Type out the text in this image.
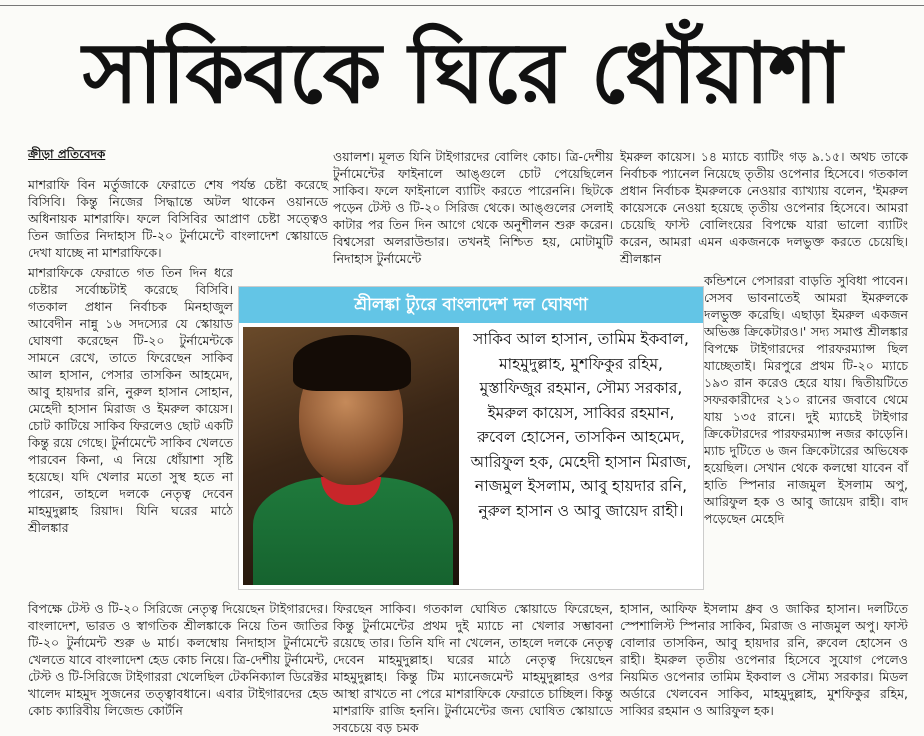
সাকিবকে ঘিরে ধোঁয়াশা
ক্রীড়া প্রতিবেদক

মাশরাফি বিন মর্তুজাকে ফেরাতে শেষ পর্যন্ত চেষ্টা করেছে বিসিবি। কিন্তু নিজের সিদ্ধান্তে অটল থাকেন ওয়ানডে অধিনায়ক মাশরাফি। ফলে বিসিবির আপ্রাণ চেষ্টা সত্ত্বেও তিন জাতির নিদাহাস টি-২০ টুর্নামেন্টে বাংলাদেশ স্কোয়াডে দেখা যাচ্ছে না মাশরাফিকে।

মাশরাফিকে ফেরাতে গত তিন দিন ধরে চেষ্টার সর্বোচ্চটাই করেছে বিসিবি। গতকাল প্রধান নির্বাচক মিনহাজুল আবেদীন নান্নু ১৬ সদস্যের যে স্কোয়াড ঘোষণা করেছেন টি-২০ টুর্নামেন্টকে সামনে রেখে, তাতে ফিরেছেন সাকিব আল হাসান, পেসার তাসকিন আহমেদ, আবু হায়দার রনি, নুরুল হাসান সোহান, মেহেদী হাসান মিরাজ ও ইমরুল কায়েস। চোট কাটিয়ে সাকিব ফিরলেও ছোট একটি কিন্তু রয়ে গেছে। টুর্নামেন্টে সাকিব খেলতে পারবেন কিনা, এ নিয়ে ধোঁয়াশা সৃষ্টি হয়েছে। যদি খেলার মতো সুস্থ হতে না পারেন, তাহলে দলকে নেতৃত্ব দেবেন মাহমুদুল্লাহ রিয়াদ। যিনি ঘরের মাঠে শ্রীলঙ্কার

বিপক্ষে টেস্ট ও টি-২০ সিরিজে নেতৃত্ব দিয়েছেন টাইগারদের। বাংলাদেশ, ভারত ও স্বাগতিক শ্রীলঙ্কাকে নিয়ে তিন জাতির টি-২০ টুর্নামেন্ট শুরু ৬ মার্চ। কলম্বোয় নিদাহাস টুর্নামেন্টে খেলতে যাবে বাংলাদেশ হেড কোচ নিয়ে। ত্রি-দেশীয় টুর্নামেন্ট, টেস্ট ও টি-সিরিজে টাইগাররা খেলেছিল টেকনিক্যাল ডিরেক্টর খালেদ মাহমুদ সুজনের তত্ত্বাবধানে। এবার টাইগারদের হেড কোচ ক্যারিবীয় লিজেন্ড কোর্টনি

ওয়ালশ। মূলত যিনি টাইগারদের বোলিং কোচ। ত্রি-দেশীয় টুর্নামেন্টের ফাইনালে আঙ্গুলে চোট পেয়েছিলেন সাকিব। ফলে ফাইনালে ব্যাটিং করতে পারেননি। ছিটকে পড়েন টেস্ট ও টি-২০ সিরিজ থেকে। আঙ্গুলের সেলাই কাটার পর তিন দিন আগে থেকে অনুশীলন শুরু করেন। বিশ্বসেরা অলরাউন্ডার। তখনই নিশ্চিত হয়, মোটামুটি নিদাহাস টুর্নামেন্টে

ফিরছেন সাকিব। গতকাল ঘোষিত স্কোয়াডে ফিরেছেন, কিন্তু টুর্নামেন্টের প্রথম দুই ম্যাচে না খেলার সম্ভাবনা রয়েছে তার। তিনি যদি না খেলেন, তাহলে দলকে নেতৃত্ব দেবেন মাহমুদুল্লাহ। ঘরের মাঠে নেতৃত্ব দিয়েছেন মাহমুদুল্লাহ। কিন্তু টিম ম্যানেজমেন্ট মাহমুদুল্লাহর ওপর আস্থা রাখতে না পেরে মাশরাফিকে ফেরাতে চাচ্ছিল। কিন্তু মাশরাফি রাজি হননি। টুর্নামেন্টের জন্য ঘোষিত স্কোয়াডে সবচেয়ে বড় চমক

ইমরুল কায়েস। ১৪ ম্যাচে ব্যাটিং গড় ৯.১৫। অথচ তাকে নির্বাচক প্যানেল নিয়েছে তৃতীয় ওপেনার হিসেবে। গতকাল প্রধান নির্বাচক ইমরুলকে নেওয়ার ব্যাখ্যায় বলেন, 'ইমরুল কায়েসকে নেওয়া হয়েছে তৃতীয় ওপেনার হিসেবে। আমরা চেয়েছি ফাস্ট বোলিংয়ের বিপক্ষে যারা ভালো ব্যাটিং করেন, আমরা এমন একজনকে দলভুক্ত করতে চেয়েছি। শ্রীলঙ্কান

কন্ডিশনে পেসাররা বাড়তি সুবিধা পাবেন। সেসব ভাবনাতেই আমরা ইমরুলকে দলভুক্ত করেছি। এছাড়া ইমরুল একজন অভিজ্ঞ ক্রিকেটারও।' সদ্য সমাপ্ত শ্রীলঙ্কার বিপক্ষে টাইগারদের পারফরম্যান্স ছিল যাচ্ছেতাই। মিরপুরে প্রথম টি-২০ ম্যাচে ১৯৩ রান করেও হেরে যায়। দ্বিতীয়টিতে সফরকারীদের ২১০ রানের জবাবে থেমে যায় ১৩৫ রানে। দুই ম্যাচেই টাইগার ক্রিকেটারদের পারফরম্যান্স নজর কাড়েনি। ম্যাচ দুটিতে ৬ জন ক্রিকেটারের অভিষেক হয়েছিল। সেখান থেকে কলম্বো যাবেন বাঁ হাতি স্পিনার নাজমুল ইসলাম অপু, আরিফুল হক ও আবু জায়েদ রাহী। বাদ পড়েছেন মেহেদি

হাসান, আফিফ ইসলাম ধ্রুব ও জাকির হাসান। দলটিতে স্পেশালিস্ট স্পিনার সাকিব, মিরাজ ও নাজমুল অপু। ফাস্ট বোলার তাসকিন, আবু হায়দার রনি, রুবেল হোসেন ও রাহী। ইমরুল তৃতীয় ওপেনার হিসেবে সুযোগ পেলেও নিয়মিত ওপেনার তামিম ইকবাল ও সৌম্য সরকার। মিডল অর্ডারে খেলবেন সাকিব, মাহমুদুল্লাহ, মুশফিকুর রহিম, সাব্বির রহমান ও আরিফুল হক।

শ্রীলঙ্কা ট্যুরে বাংলাদেশ দল ঘোষণা

সাকিব আল হাসান, তামিম ইকবাল, মাহমুদুল্লাহ, মুশফিকুর রহিম, মুস্তাফিজুর রহমান, সৌম্য সরকার, ইমরুল কায়েস, সাব্বির রহমান, রুবেল হোসেন, তাসকিন আহমেদ, আরিফুল হক, মেহেদী হাসান মিরাজ, নাজমুল ইসলাম, আবু হায়দার রনি, নুরুল হাসান ও আবু জায়েদ রাহী।
